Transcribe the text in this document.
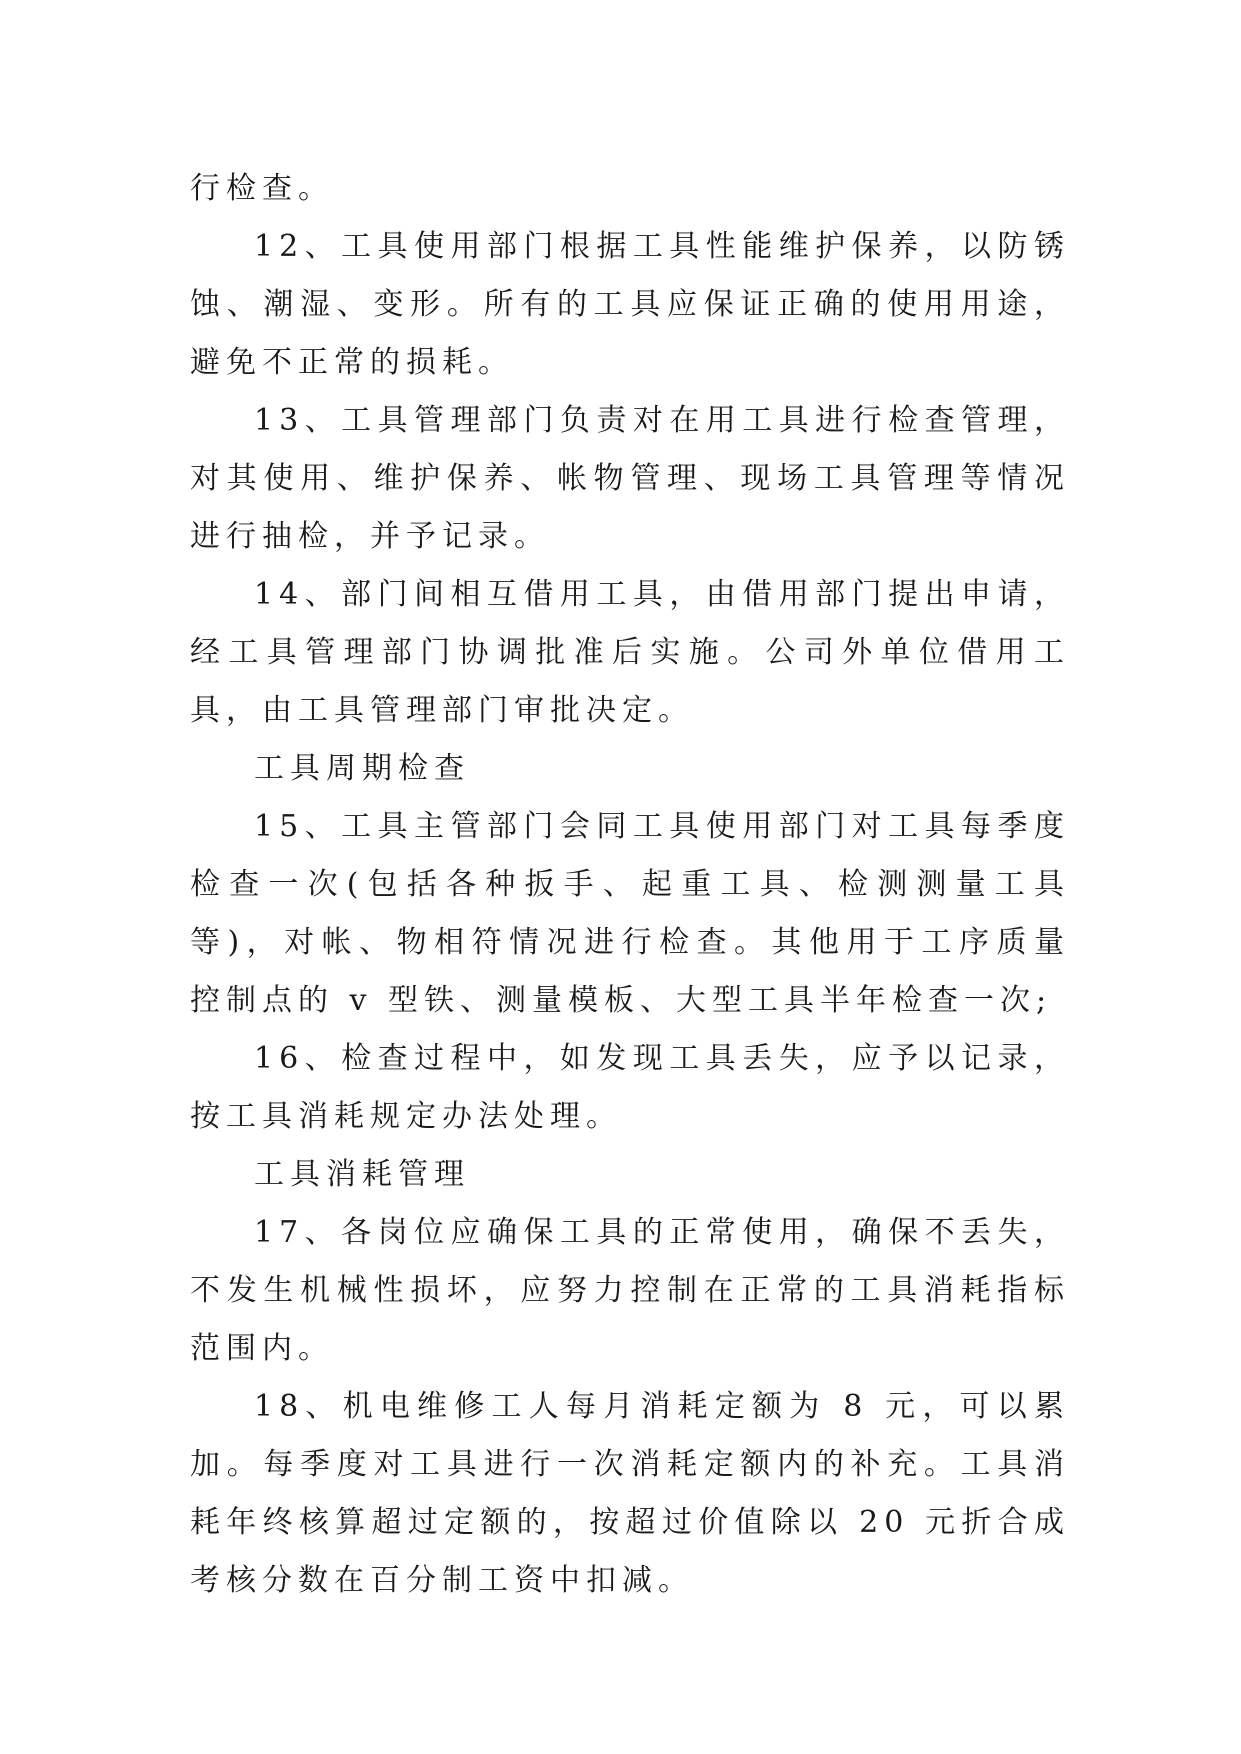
行检查。

12、工具使用部门根据工具性能维护保养，以防锈蚀、潮湿、变形。所有的工具应保证正确的使用用途，避免不正常的损耗。

13、工具管理部门负责对在用工具进行检查管理，对其使用、维护保养、帐物管理、现场工具管理等情况进行抽检，并予记录。

14、部门间相互借用工具，由借用部门提出申请，经工具管理部门协调批准后实施。公司外单位借用工具，由工具管理部门审批决定。

工具周期检查

15、工具主管部门会同工具使用部门对工具每季度检查一次(包括各种扳手、起重工具、检测测量工具等)，对帐、物相符情况进行检查。其他用于工序质量控制点的 v 型铁、测量模板、大型工具半年检查一次;

16、检查过程中，如发现工具丢失，应予以记录，按工具消耗规定办法处理。

工具消耗管理

17、各岗位应确保工具的正常使用，确保不丢失，不发生机械性损坏，应努力控制在正常的工具消耗指标范围内。

18、机电维修工人每月消耗定额为 8 元，可以累加。每季度对工具进行一次消耗定额内的补充。工具消耗年终核算超过定额的，按超过价值除以 20 元折合成考核分数在百分制工资中扣减。
